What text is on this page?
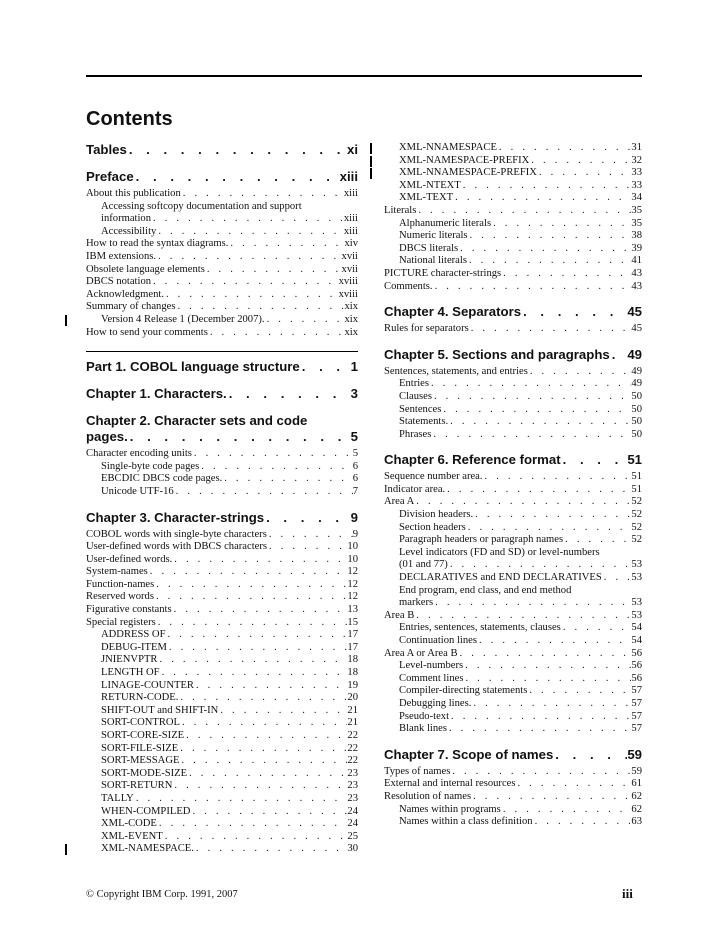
Contents
Tables . . .	xi
Preface . . .	xiii
About this publication . . .	xiii
Accessing softcopy documentation and support
information . . .	xiii
Accessibility . . .	xiii
How to read the syntax diagrams. . . .	xiv
IBM extensions. . . .	xvii
Obsolete language elements . . .	xvii
DBCS notation . . .	xviii
Acknowledgment. . . .	xviii
Summary of changes . . .	xix
Version 4 Release 1 (December 2007). . . .	xix
How to send your comments . . .	xix
Part 1. COBOL language structure . . .	1
Chapter 1. Characters. . . .	3
Chapter 2. Character sets and code
pages. . . .	5
Character encoding units . . .	5
Single-byte code pages . . .	6
EBCDIC DBCS code pages. . . .	6
Unicode UTF-16 . . .	7
Chapter 3. Character-strings . . .	9
COBOL words with single-byte characters . . .	9
User-defined words with DBCS characters . . .	10
User-defined words. . . .	10
System-names . . .	12
Function-names . . .	12
Reserved words . . .	12
Figurative constants . . .	13
Special registers . . .	15
ADDRESS OF . . .	17
DEBUG-ITEM . . .	17
JNIENVPTR . . .	18
LENGTH OF . . .	18
LINAGE-COUNTER . . .	19
RETURN-CODE. . . .	20
SHIFT-OUT and SHIFT-IN . . .	21
SORT-CONTROL . . .	21
SORT-CORE-SIZE . . .	22
SORT-FILE-SIZE . . .	22
SORT-MESSAGE . . .	22
SORT-MODE-SIZE . . .	23
SORT-RETURN . . .	23
TALLY . . .	23
WHEN-COMPILED . . .	24
XML-CODE . . .	24
XML-EVENT . . .	25
XML-NAMESPACE. . . .	30
XML-NNAMESPACE . . .	31
XML-NAMESPACE-PREFIX . . .	32
XML-NNAMESPACE-PREFIX . . .	33
XML-NTEXT . . .	33
XML-TEXT . . .	34
Literals . . .	35
Alphanumeric literals . . .	35
Numeric literals . . .	38
DBCS literals . . .	39
National literals . . .	41
PICTURE character-strings . . .	43
Comments. . . .	43
Chapter 4. Separators . . .	45
Rules for separators . . .	45
Chapter 5. Sections and paragraphs . . . 49
Sentences, statements, and entries . . .	49
Entries . . .	49
Clauses . . .	50
Sentences . . .	50
Statements. . . .	50
Phrases . . .	50
Chapter 6. Reference format . . .	51
Sequence number area. . . .	51
Indicator area. . . .	51
Area A . . .	52
Division headers. . . .	52
Section headers . . .	52
Paragraph headers or paragraph names . . .	52
Level indicators (FD and SD) or level-numbers
(01 and 77) . . .	53
DECLARATIVES and END DECLARATIVES . . .	53
End program, end class, and end method
markers . . .	53
Area B . . .	53
Entries, sentences, statements, clauses . . .	54
Continuation lines . . .	54
Area A or Area B . . .	56
Level-numbers . . .	56
Comment lines . . .	56
Compiler-directing statements . . .	57
Debugging lines. . . .	57
Pseudo-text . . .	57
Blank lines . . .	57
Chapter 7. Scope of names . . .	59
Types of names . . .	59
External and internal resources . . .	61
Resolution of names . . .	62
Names within programs . . .	62
Names within a class definition . . .	63
© Copyright IBM Corp. 1991, 2007	iii
